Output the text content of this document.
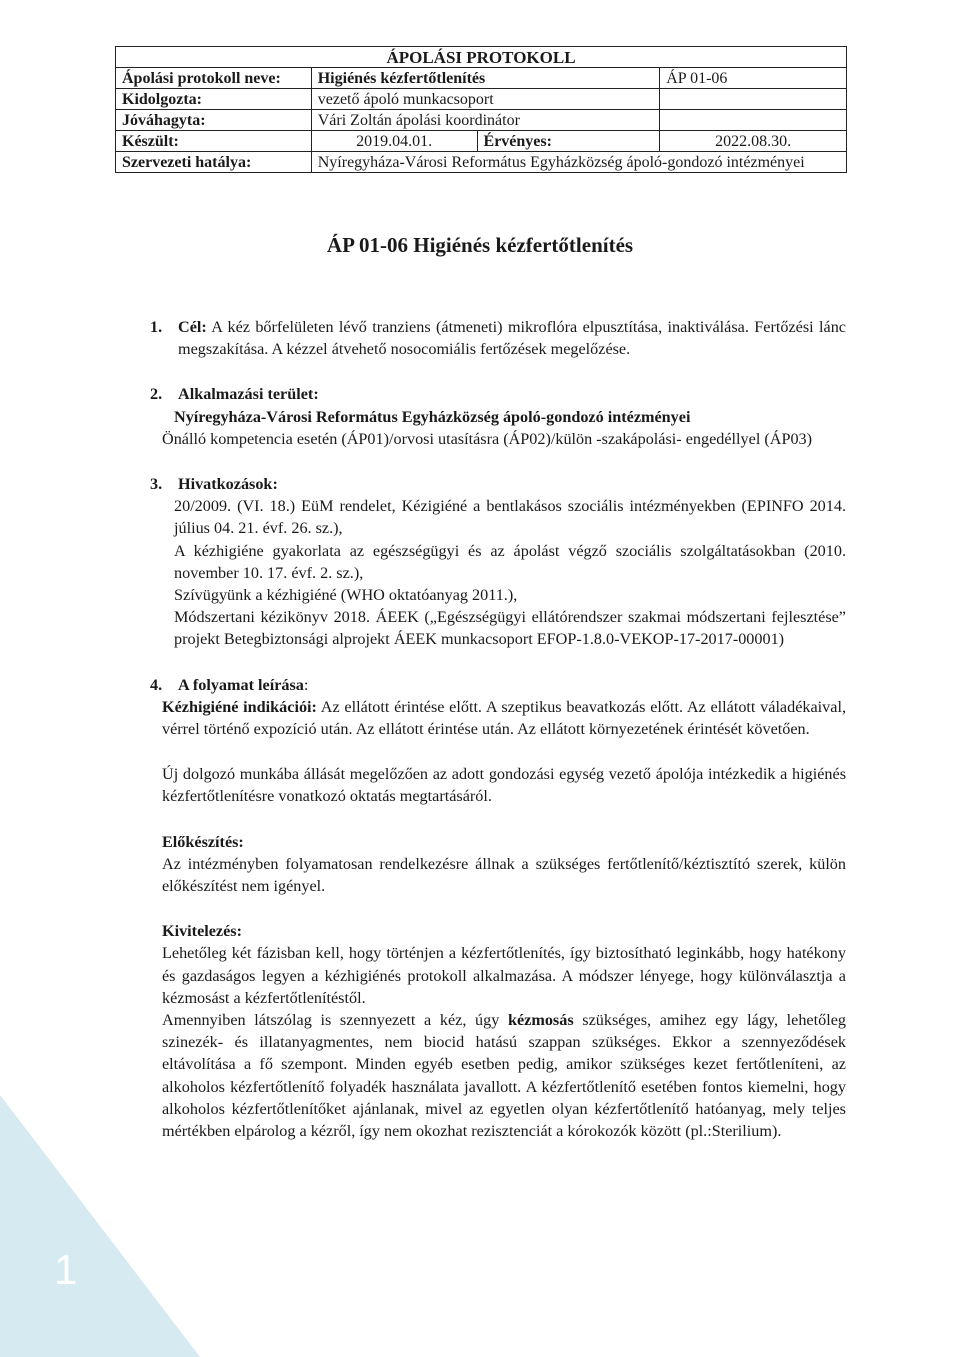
1
ÁPOLÁSI PROTOKOLL			
Ápolási protokoll neve:	Higiénés kézfertőtlenítés		ÁP 01-06
Kidolgozta:	vezető ápoló munkacsoport		
Jóváhagyta:	Vári Zoltán ápolási koordinátor		
Készült:	2019.04.01.	Érvényes:	2022.08.30.
Szervezeti hatálya:	Nyíregyháza-Városi Református Egyházközség ápoló-gondozó intézményei		
ÁP 01-06 Higiénés kézfertőtlenítés
1. Cél: A kéz bőrfelületen lévő tranziens (átmeneti) mikroflóra elpusztítása, inaktiválása. Fertőzési lánc megszakítása. A kézzel átvehető nosocomiális fertőzések megelőzése.

2. Alkalmazási terület:

Nyíregyháza-Városi Református Egyházközség ápoló-gondozó intézményei

Önálló kompetencia esetén (ÁP01)/orvosi utasításra (ÁP02)/külön -szakápolási- engedéllyel (ÁP03)

3. Hivatkozások:

20/2009. (VI. 18.) EüM rendelet, Kézigiéné a bentlakásos szociális intézményekben (EPINFO 2014. július 04. 21. évf. 26. sz.),

A kézhigiéne gyakorlata az egészségügyi és az ápolást végző szociális szolgáltatásokban (2010. november 10. 17. évf. 2. sz.),

Szívügyünk a kézhigiéné (WHO oktatóanyag 2011.),

Módszertani kézikönyv 2018. ÁEEK („Egészségügyi ellátórendszer szakmai módszertani fejlesztése” projekt Betegbiztonsági alprojekt ÁEEK munkacsoport EFOP-1.8.0-VEKOP-17-2017-00001)

4. A folyamat leírása:

Kézhigiéné indikációi: Az ellátott érintése előtt. A szeptikus beavatkozás előtt. Az ellátott váladékaival, vérrel történő expozíció után. Az ellátott érintése után. Az ellátott környezetének érintését követően.

Új dolgozó munkába állását megelőzően az adott gondozási egység vezető ápolója intézkedik a higiénés kézfertőtlenítésre vonatkozó oktatás megtartásáról.

Előkészítés:

Az intézményben folyamatosan rendelkezésre állnak a szükséges fertőtlenítő/kéztisztító szerek, külön előkészítést nem igényel.

Kivitelezés:

Lehetőleg két fázisban kell, hogy történjen a kézfertőtlenítés, így biztosítható leginkább, hogy hatékony és gazdaságos legyen a kézhigiénés protokoll alkalmazása. A módszer lényege, hogy különválasztja a kézmosást a kézfertőtlenítéstől.

Amennyiben látszólag is szennyezett a kéz, úgy kézmosás szükséges, amihez egy lágy, lehetőleg szinezék- és illatanyagmentes, nem biocid hatású szappan szükséges. Ekkor a szennyeződések eltávolítása a fő szempont. Minden egyéb esetben pedig, amikor szükséges kezet fertőtleníteni, az alkoholos kézfertőtlenítő folyadék használata javallott. A kézfertőtlenítő esetében fontos kiemelni, hogy alkoholos kézfertőtlenítőket ajánlanak, mivel az egyetlen olyan kézfertőtlenítő hatóanyag, mely teljes mértékben elpárolog a kézről, így nem okozhat rezisztenciát a kórokozók között (pl.:Sterilium).
